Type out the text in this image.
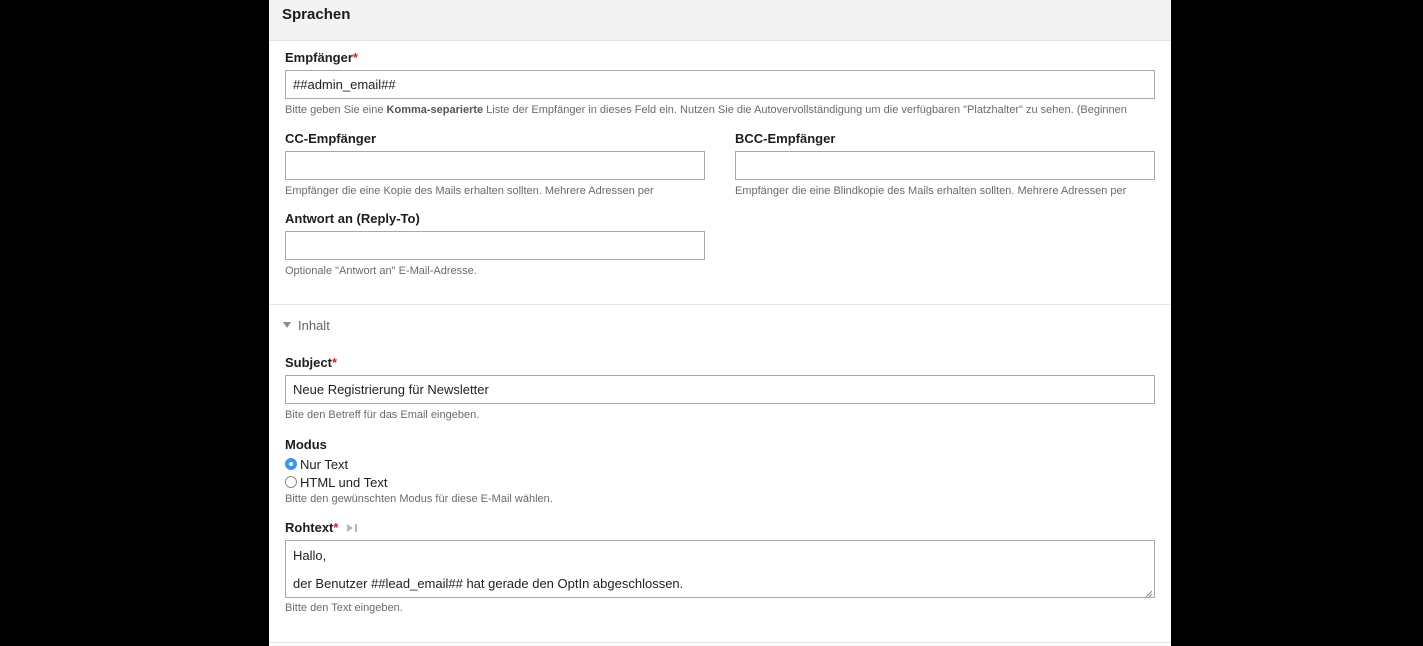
Sprachen
Empfänger*
##admin_email##
Bitte geben Sie eine Komma-separierte Liste der Empfänger in dieses Feld ein. Nutzen Sie die Autovervollständigung um die verfügbaren "Platzhalter" zu sehen. (Beginnen
CC-Empfänger
Empfänger die eine Kopie des Mails erhalten sollten. Mehrere Adressen per
BCC-Empfänger
Empfänger die eine Blindkopie des Mails erhalten sollten. Mehrere Adressen per
Antwort an (Reply-To)
Optionale "Antwort an" E-Mail-Adresse.
Inhalt
Subject*
Neue Registrierung für Newsletter
Bite den Betreff für das Email eingeben.
Modus
Nur Text
HTML und Text
Bitte den gewünschten Modus für diese E-Mail wählen.
Rohtext*
Hallo,
der Benutzer ##lead_email## hat gerade den OptIn abgeschlossen.
Bitte den Text eingeben.
